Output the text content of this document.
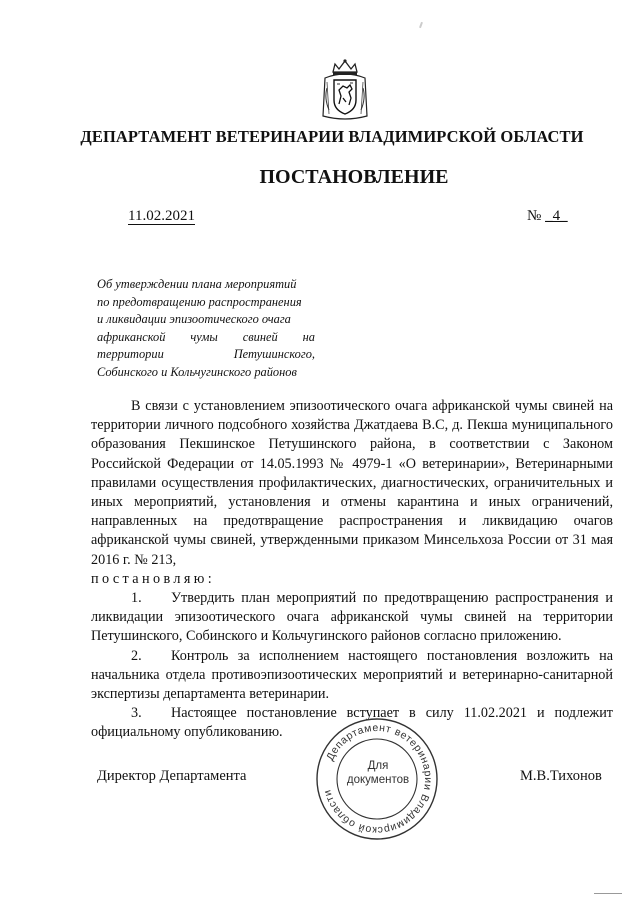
ДЕПАРТАМЕНТ ВЕТЕРИНАРИИ ВЛАДИМИРСКОЙ ОБЛАСТИ
ПОСТАНОВЛЕНИЕ
11.02.2021	№ _4_
Об утверждении плана мероприятий
по предотвращению распространения
и ликвидации эпизоотического очага
африканской чумы свиней на
территории Петушинского,
Собинского и Кольчугинского районов

В связи с установлением эпизоотического очага африканской чумы свиней на территории личного подсобного хозяйства Джатдаева В.С, д. Пекша муниципального образования Пекшинское Петушинского района, в соответствии с Законом Российской Федерации от 14.05.1993 № 4979-1 «О ветеринарии», Ветеринарными правилами осуществления профилактических, диагностических, ограничительных и иных мероприятий, установления и отмены карантина и иных ограничений, направленных на предотвращение распространения и ликвидацию очагов африканской чумы свиней, утвержденными приказом Минсельхоза России от 31 мая 2016 г. № 213,

постановляю:

1. Утвердить план мероприятий по предотвращению распространения и ликвидации эпизоотического очага африканской чумы свиней на территории Петушинского, Собинского и Кольчугинского районов согласно приложению.

2. Контроль за исполнением настоящего постановления возложить на начальника отдела противоэпизоотических мероприятий и ветеринарно-санитарной экспертизы департамента ветеринарии.

3. Настоящее постановление вступает в силу 11.02.2021 и подлежит официальному опубликованию.

Департамент ветеринарии Владимирской области
Для
документов
Директор Департамента	М.В.Тихонов
